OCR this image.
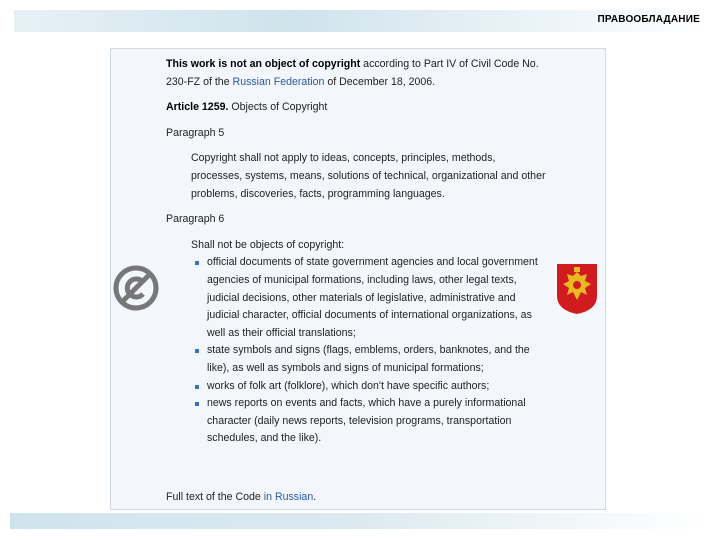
ПРАВООБЛАДАНИЕ

This work is not an object of copyright according to Part IV of Civil Code No. 230-FZ of the Russian Federation of December 18, 2006.

Article 1259. Objects of Copyright

Paragraph 5

Copyright shall not apply to ideas, concepts, principles, methods, processes, systems, means, solutions of technical, organizational and other problems, discoveries, facts, programming languages.

Paragraph 6

Shall not be objects of copyright:

official documents of state government agencies and local government agencies of municipal formations, including laws, other legal texts, judicial decisions, other materials of legislative, administrative and judicial character, official documents of international organizations, as well as their official translations;
state symbols and signs (flags, emblems, orders, banknotes, and the like), as well as symbols and signs of municipal formations;
works of folk art (folklore), which don't have specific authors;
news reports on events and facts, which have a purely informational character (daily news reports, television programs, transportation schedules, and the like).
Full text of the Code in Russian.
